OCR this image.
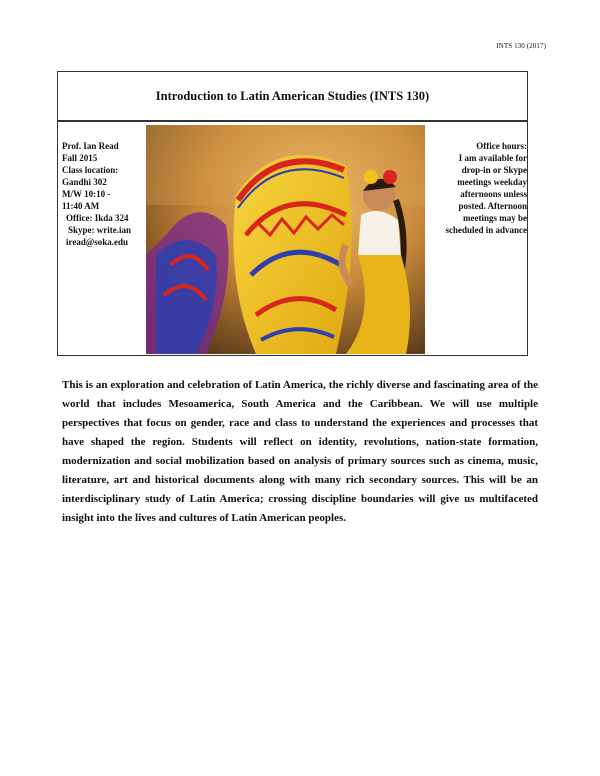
INTS 130 (2017)
Introduction to Latin American Studies (INTS 130)
Prof. Ian Read
Fall 2015
Class location:
Gandhi 302
M/W 10:10 -
11:40 AM
Office: Ikda 324
Skype: write.ian
iread@soka.edu
Office hours:
I am available for
drop-in or Skype
meetings weekday
afternoons unless
posted. Afternoon
meetings may be
scheduled in advance

This is an exploration and celebration of Latin America, the richly diverse and fascinating area of the world that includes Mesoamerica, South America and the Caribbean. We will use multiple perspectives that focus on gender, race and class to understand the experiences and processes that have shaped the region. Students will reflect on identity, revolutions, nation-state formation, modernization and social mobilization based on analysis of primary sources such as cinema, music, literature, art and historical documents along with many rich secondary sources. This will be an interdisciplinary study of Latin America; crossing discipline boundaries will give us multifaceted insight into the lives and cultures of Latin American peoples.
